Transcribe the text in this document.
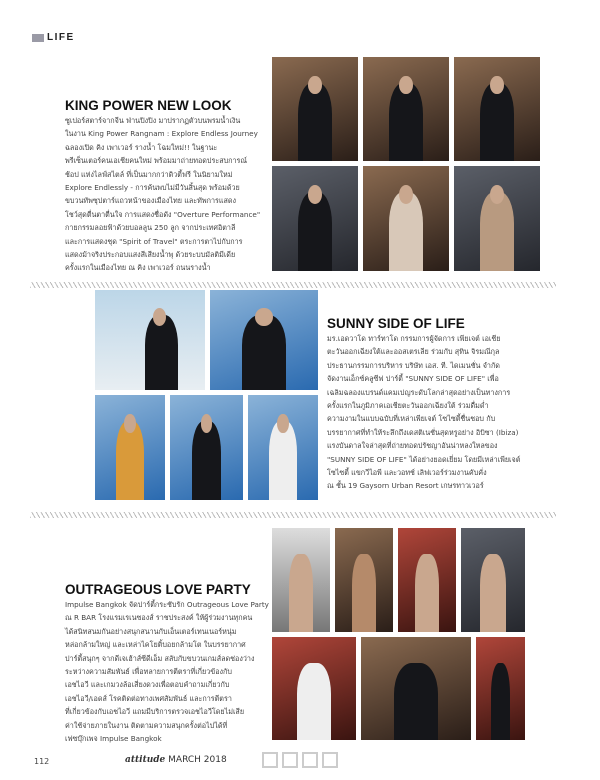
LIFE
KING POWER NEW LOOK
ซูเปอร์สตาร์จากจีน ฟ่านปิงปิง มาปรากฏตัวบนพรมน้ำเงิน
ในงาน King Power Rangnam : Explore Endless Journey
ฉลองเปิด คิง เพาเวอร์ รางน้ำ โฉมใหม่!! ในฐานะ
พรีเซ็นเตอร์คนเอเชียคนใหม่ พร้อมมาถ่ายทอดประสบการณ์
ช้อป แห่งไลฟ์สไตล์ ที่เป็นมากกว่าดิวตี้ฟรี ในนิยามใหม่
Explore Endlessly - การค้นพบไม่มีวันสิ้นสุด พร้อมด้วย
ขบวนทัพซุปตาร์แถวหน้าของเมืองไทย และทัพการแสดง
โชว์สุดตื่นตาตื่นใจ การแสดงชื่อดัง "Overture Performance"
กายกรรมลอยฟ้าด้วยบอลลูน 250 ลูก จากประเทศอิตาลี
และการแสดงชุด "Spirit of Travel" ตระการตาไปกับการ
แสดงม้าจริงประกอบแสงสีเสียงน้ำพุ ด้วยระบบมัลติมีเดีย
ครั้งแรกในเมืองไทย ณ คิง เพาเวอร์ ถนนรางน้ำ
SUNNY SIDE OF LIFE
มร.เอดวาโด ทาร์ทาโด กรรมการผู้จัดการ เพียเจต์ เอเชีย
ตะวันออกเฉียงใต้และออสเตรเลีย ร่วมกับ สุทิน จิรมณีกุล
ประธานกรรมการบริหาร บริษัท เอส. ที. ไดเมนชั่น จำกัด
จัดงานเอ็กซ์คลูซีฟ ปาร์ตี้ "SUNNY SIDE OF LIFE" เพื่อ
เฉลิมฉลองแบรนด์แคมเปญระดับโลกล่าสุดอย่างเป็นทางการ
ครั้งแรกในภูมิภาคเอเชียตะวันออกเฉียงใต้ ร่วมดื่มด่ำ
ความงามในแบบฉบับที่เหล่าเพียเจต์ โซไซตี้ชื่นชอบ กับ
บรรยากาศที่ทำให้ระลึกถึงเดสติเนชั่นสุดหรูอย่าง อิบิซา (Ibiza)
แรงบันดาลใจล่าสุดที่ถ่ายทอดปรัชญาอันน่าหลงใหลของ
"SUNNY SIDE OF LIFE" ได้อย่างยอดเยี่ยม โดยมีเหล่าเพียเจต์
โซไซตี้ แขกวีไอพี และวอทช์ เลิฟเวอร์ร่วมงานคับคั่ง
ณ ชั้น 19 Gaysorn Urban Resort เกษรทาวเวอร์
OUTRAGEOUS LOVE PARTY
Impulse Bangkok จัดปาร์ตี้กระชับรัก Outrageous Love Party
ณ R BAR โรงแรมเรเนซองส์ ราชประสงค์ ให้ผู้ร่วมงานทุกคน
ได้สนิทสนมกันอย่างสนุกสนานกับเอ็นเตอร์เทนเนอร์หนุ่ม
หล่อกล้ามใหญ่ และเหล่าไคโยติ้บอยกล้ามโต ในบรรยากาศ
ปาร์ตี้สนุกๆ จากดีเจเฮ้าส์ซีดีเอ็ม สลับกับขบวนเกมส์ลดช่องว่าง
ระหว่างความสัมพันธ์ เพื่อทลายการตีตราที่เกี่ยวข้องกับ
เอชไอวี และเกมวงล้อเสี่ยงดวงเพื่อตอบคำถามเกี่ยวกับ
เอชไอวี/เอดส์ โรคติดต่อทางเพศสัมพันธ์ และการตีตรา
ที่เกี่ยวข้องกับเอชไอวี แถมมีบริการตรวจเอชไอวีโดยไม่เสีย
ค่าใช้จ่ายภายในงาน ติดตามความสนุกครั้งต่อไปได้ที่
เฟซบุ๊กเพจ Impulse Bangkok
112	attitude MARCH 2018
